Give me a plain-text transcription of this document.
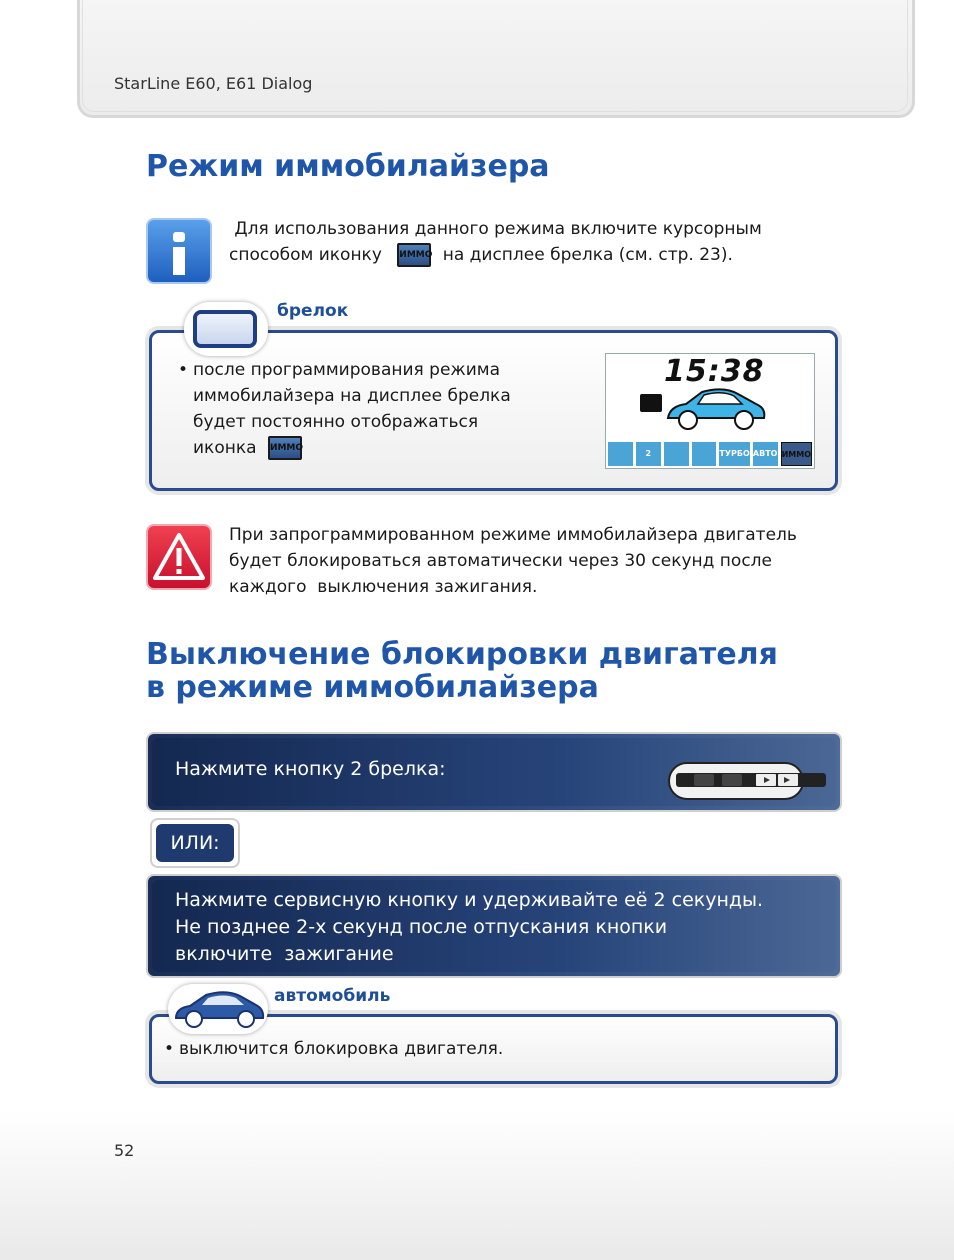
StarLine E60, E61 Dialog
Режим иммобилайзера
Для использования данного режима включите курсорным
способом иконку ИММО на дисплее брелка (см. стр. 23).
брелок
• после программирования режима
иммобилайзера на дисплее брелка
будет постоянно отображаться
иконка ИММО
15:38
2	ТУРБО АВТО ИММО
При запрограммированном режиме иммобилайзера двигатель
будет блокироваться автоматически через 30 секунд после
каждого  выключения зажигания.
Выключение блокировки двигателя
в режиме иммобилайзера
Нажмите кнопку 2 брелка:
ИЛИ:
Нажмите сервисную кнопку и удерживайте её 2 секунды.
Не позднее 2-х секунд после отпускания кнопки
включите  зажигание
автомобиль
• выключится блокировка двигателя.
52
